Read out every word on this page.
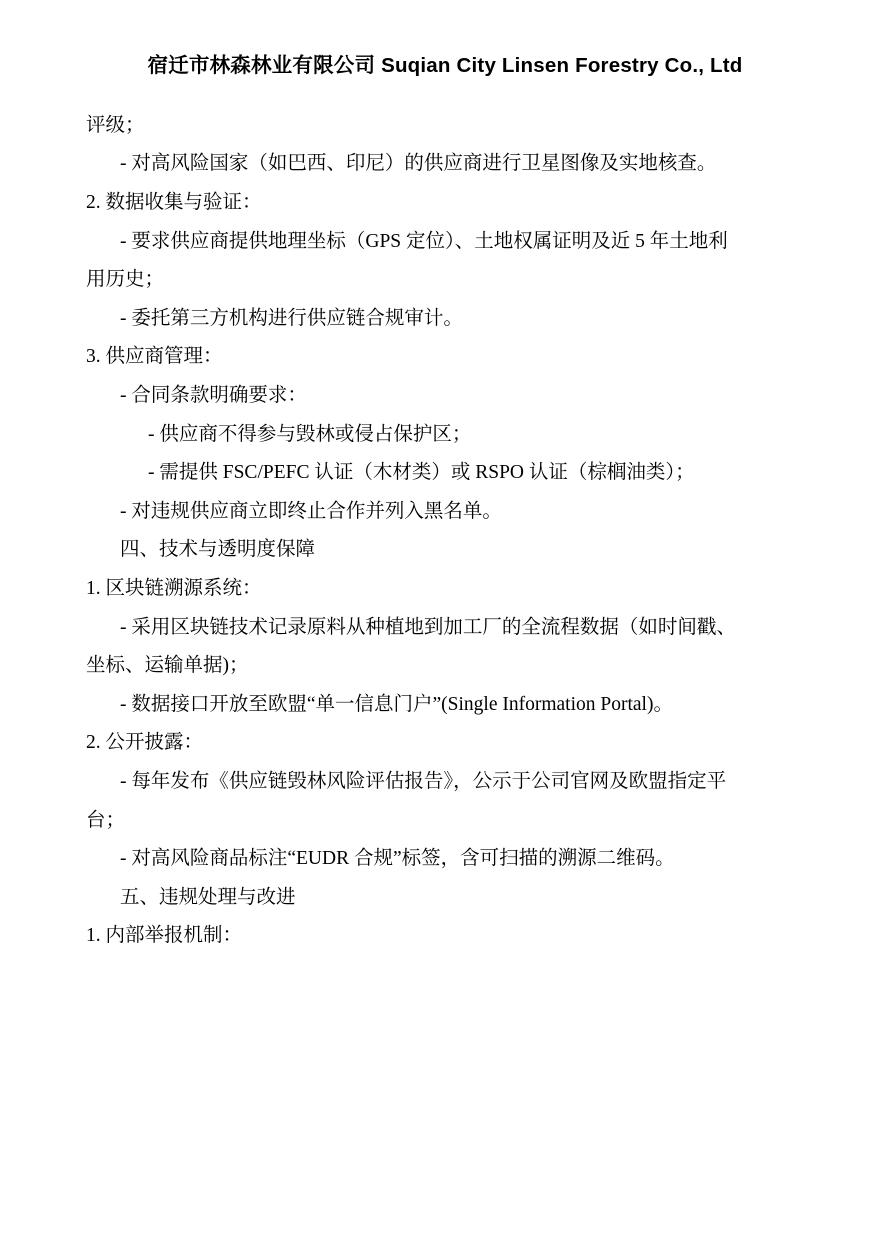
宿迁市林森林业有限公司 Suqian City Linsen Forestry Co., Ltd

评级；

- 对高风险国家（如巴西、印尼）的供应商进行卫星图像及实地核查。

2. 数据收集与验证：

- 要求供应商提供地理坐标（GPS 定位）、土地权属证明及近 5 年土地利

用历史；

- 委托第三方机构进行供应链合规审计。

3. 供应商管理：

- 合同条款明确要求：

- 供应商不得参与毁林或侵占保护区；

- 需提供 FSC/PEFC 认证（木材类）或 RSPO 认证（棕榈油类）；

- 对违规供应商立即终止合作并列入黑名单。

四、技术与透明度保障

1. 区块链溯源系统：

- 采用区块链技术记录原料从种植地到加工厂的全流程数据（如时间戳、

坐标、运输单据)；

- 数据接口开放至欧盟“单一信息门户”(Single Information Portal)。

2. 公开披露：

- 每年发布《供应链毁林风险评估报告》，公示于公司官网及欧盟指定平

台；

- 对高风险商品标注“EUDR 合规”标签，含可扫描的溯源二维码。

五、违规处理与改进

1. 内部举报机制：
